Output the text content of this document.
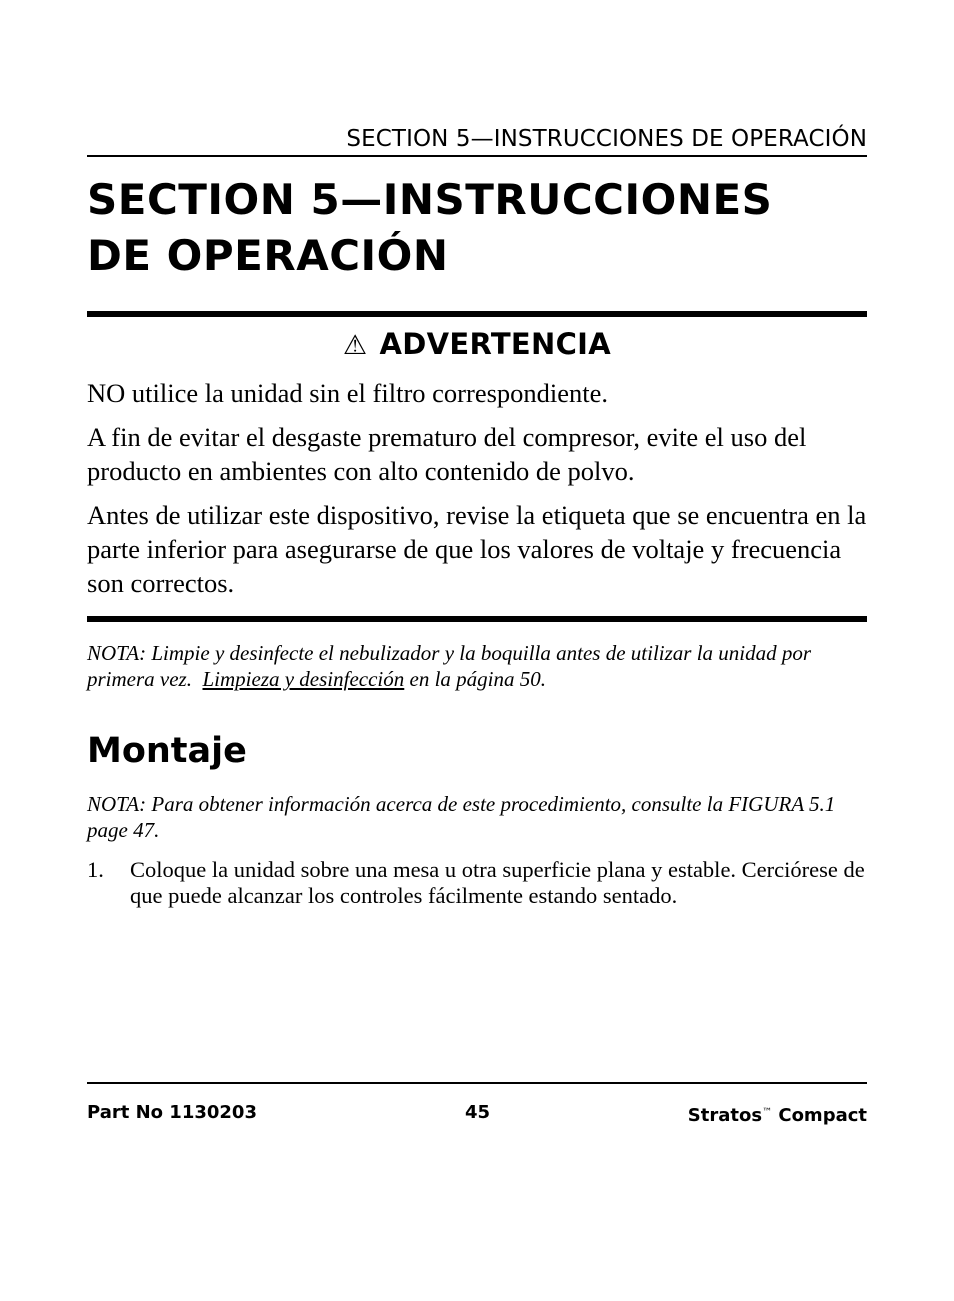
SECTION 5—INSTRUCCIONES DE OPERACIÓN
SECTION 5—INSTRUCCIONES
DE OPERACIÓN
⚠ ADVERTENCIA

NO utilice la unidad sin el filtro correspondiente.

A fin de evitar el desgaste prematuro del compresor, evite el uso del producto en ambientes con alto contenido de polvo.

Antes de utilizar este dispositivo, revise la etiqueta que se encuentra en la parte inferior para asegurarse de que los valores de voltaje y frecuencia son correctos.

NOTA: Limpie y desinfecte el nebulizador y la boquilla antes de utilizar la unidad por primera vez. Limpieza y desinfección en la página 50.

Montaje

NOTA: Para obtener información acerca de este procedimiento, consulte la FIGURA 5.1 page 47.

1. Coloque la unidad sobre una mesa u otra superficie plana y estable. Cerciórese de que puede alcanzar los controles fácilmente estando sentado.
Part No 1130203	45	Stratos™ Compact
